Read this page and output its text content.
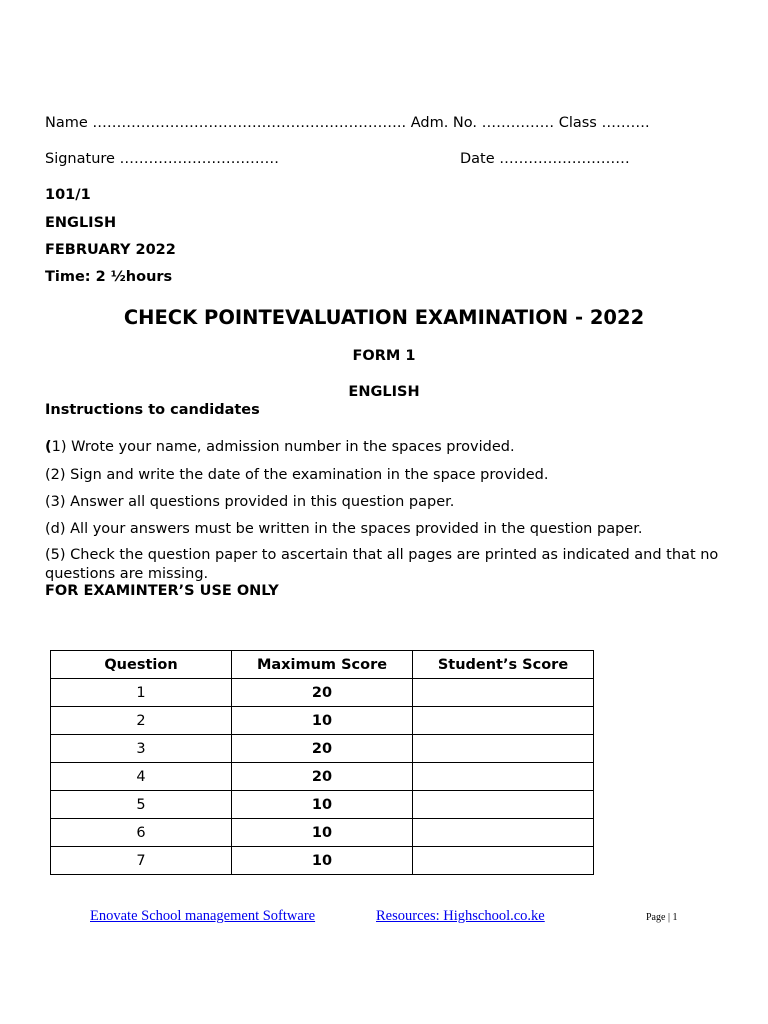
Name ……………………………………………………….. Adm. No. …………… Class ……….
Signature ……………………………	Date ………………………
101/1
ENGLISH
FEBRUARY 2022
Time: 2 ½hours
CHECK POINTEVALUATION EXAMINATION - 2022
FORM 1
ENGLISH
Instructions to candidates
(1) Wrote your name, admission number in the spaces provided.
(2) Sign and write the date of the examination in the space provided.
(3) Answer all questions provided in this question paper.
(d) All your answers must be written in the spaces provided in the question paper.
(5) Check the question paper to ascertain that all pages are printed as indicated and that no questions are missing.
FOR EXAMINTER’S USE ONLY
Question	Maximum Score	Student’s Score
1	20	
2	10	
3	20	
4	20	
5	10	
6	10	
7	10	
Enovate School management Software	Resources: Highschool.co.ke	Page | 1
